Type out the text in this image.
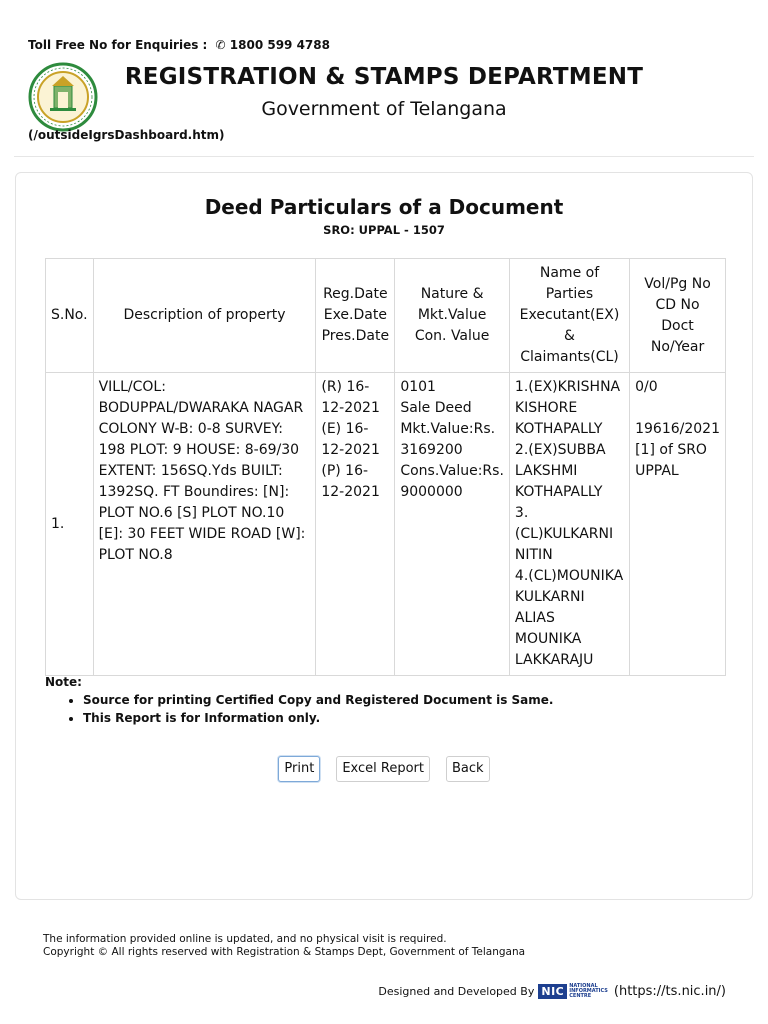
Toll Free No for Enquiries : ✆ 1800 599 4788
(/outsideIgrsDashboard.htm)
REGISTRATION & STAMPS DEPARTMENT
Government of Telangana
Deed Particulars of a Document
SRO: UPPAL - 1507
S.No.	Description of property	Reg.Date
Exe.Date
Pres.Date	Nature &
Mkt.Value
Con. Value	Name of
Parties
Executant(EX)
&
Claimants(CL)	Vol/Pg No
CD No
Doct
No/Year

1.	VILL/COL: BODUPPAL/DWARAKA NAGAR COLONY W-B: 0-8 SURVEY: 198 PLOT: 9 HOUSE: 8-69/30 EXTENT: 156SQ.Yds BUILT: 1392SQ. FT Boundires: [N]: PLOT NO.6 [S] PLOT NO.10 [E]: 30 FEET WIDE ROAD [W]: PLOT NO.8	(R) 16-12-2021
(E) 16-12-2021
(P) 16-12-2021	0101
Sale Deed
Mkt.Value:Rs. 3169200
Cons.Value:Rs. 9000000	1.(EX)KRISHNA KISHORE KOTHAPALLY
2.(EX)SUBBA LAKSHMI KOTHAPALLY
3.(CL)KULKARNI NITIN
4.(CL)MOUNIKA KULKARNI ALIAS MOUNIKA LAKKARAJU	0/0
19616/2021 [1] of SRO UPPAL
Note:
• Source for printing Certified Copy and Registered Document is Same.
• This Report is for Information only.
Print Excel Report Back
The information provided online is updated, and no physical visit is required.
Copyright © All rights reserved with Registration & Stamps Dept, Government of Telangana
Designed and Developed By NIC	NATIONAL
INFORMATICS
CENTRE	(https://ts.nic.in/)
